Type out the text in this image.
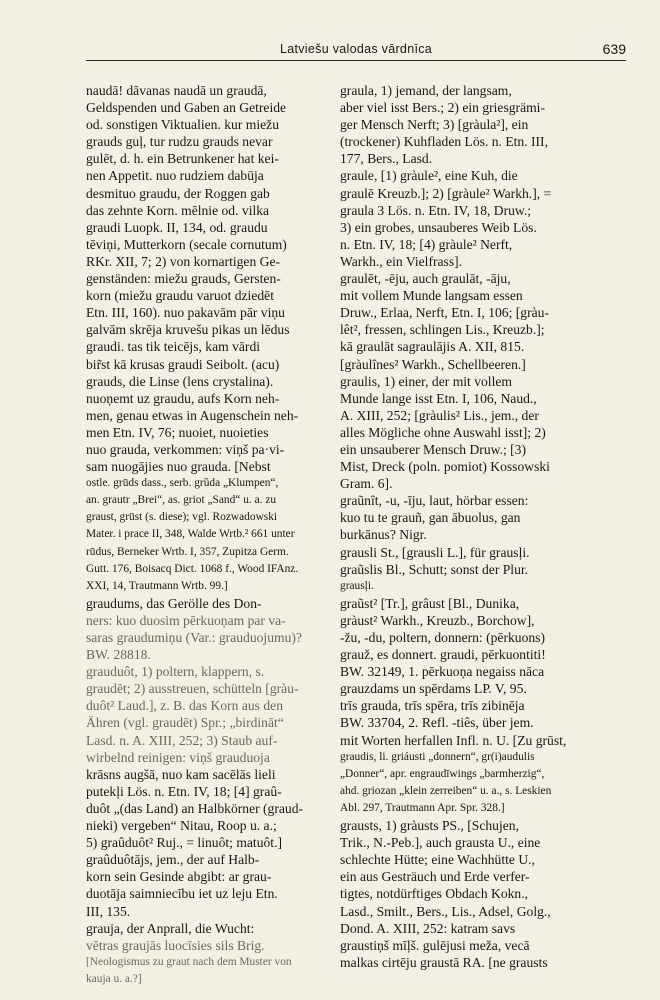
Latviešu valodas vārdnīca	639
naudā! dāvanas naudā un graudā,
Geldspenden und Gaben an Getreide
od. sonstigen Viktualien. kur miežu
grauds guļ, tur rudzu grauds nevar
gulēt, d. h. ein Betrunkener hat kei-
nen Appetit. nuo rudziem dabūja
desmituo graudu, der Roggen gab
das zehnte Korn. mēlnie od. vilka
graudi Luopk. II, 134, od. graudu
tēviņi, Mutterkorn (secale cornutum)
RKr. XII, 7; 2) von kornartigen Ge-
genständen: miežu grauds, Gersten-
korn (miežu graudu varuot dziedēt
Etn. III, 160). nuo pakavām pār viņu
galvām skrēja kruvešu pikas un lēdus
graudi. tas tik teicējs, kam vārdi
bir̃st kā krusas graudi Seibolt. (acu)
grauds, die Linse (lens crystalina).
nuoņemt uz graudu, aufs Korn neh-
men, genau etwas in Augenschein neh-
men Etn. IV, 76; nuoiet, nuoieties
nuo grauda, verkommen: viņš pa·vi-
sam nuogājies nuo grauda. [Nebst
ostle. grūds dass., serb. grȕda „Klumpen“,
an. grautr „Brei“, as. griot „Sand“ u. a. zu
graust, grūst (s. diese); vgl. Rozwadowski
Mater. i prace II, 348, Walde Wrtb.² 661 unter
rūdus, Berneker Wrtb. I, 357, Zupitza Germ.
Gutt. 176, Boisacq Dict. 1068 f., Wood IFAnz.
XXI, 14, Trautmann Wrtb. 99.]
graudums, das Gerölle des Don-
ners: kuo duosim pērkuoņam par va-
saras graudumiņu (Var.: grauduojumu)?
BW. 28818.
grauduôt, 1) poltern, klappern, s.
graudēt; 2) ausstreuen, schütteln [gràu-
duôt² Laud.], z. B. das Korn aus den
Ähren (vgl. graudēt) Spr.; „birdināt“
Lasd. n. A. XIII, 252; 3) Staub auf-
wirbelnd reinigen: viņš grauduoja
krāsns augšā, nuo kam sacēlās lieli
putekļi Lös. n. Etn. IV, 18; [4] graû-
duôt „(das Land) an Halbkörner (graud-
nieki) vergeben“ Nitau, Roop u. a.;
5) graûduôt² Ruj., = linuôt; matuôt.]
graûduôtājs, jem., der auf Halb-
korn sein Gesinde abgibt: ar grau-
duotāja saimniecību iet uz leju Etn.
III, 135.
grauja, der Anprall, die Wucht:
vētras graujās luocīsies sils Brig.
[Neologismus zu graut nach dem Muster von
kauja u. a.?]
graula, 1) jemand, der langsam,
aber viel isst Bers.; 2) ein griesgrämi-
ger Mensch Nerft; 3) [gràula²], ein
(trockener) Kuhfladen Lös. n. Etn. III,
177, Bers., Lasd.
graule, [1) gràule², eine Kuh, die
graulē Kreuzb.]; 2) [gràule² Warkh.], =
graula 3 Lös. n. Etn. IV, 18, Druw.;
3) ein grobes, unsauberes Weib Lös.
n. Etn. IV, 18; [4) gràule² Nerft,
Warkh., ein Vielfrass].
graulēt, -ēju, auch graulāt, -āju,
mit vollem Munde langsam essen
Druw., Erlaa, Nerft, Etn. I, 106; [gràu-
lêt², fressen, schlingen Lis., Kreuzb.];
kā graulāt sagraulājis A. XII, 815.
[gràulînes² Warkh., Schellbeeren.]
graulis, 1) einer, der mit vollem
Munde lange isst Etn. I, 106, Naud.,
A. XIII, 252; [gràulis² Lis., jem., der
alles Mögliche ohne Auswahl isst]; 2)
ein unsauberer Mensch Druw.; [3)
Mist, Dreck (poln. pomiot) Kossowski
Gram. 6].
graũnît, -u, -īju, laut, hörbar essen:
kuo tu te grauñ, gan ābuolus, gan
burkānus? Nigr.
grausli St., [grausli L.], für grausļi.
graũslis Bl., Schutt; sonst der Plur.
grausļi.
graũst² [Tr.], grâust [Bl., Dunika,
gràust² Warkh., Kreuzb., Borchow],
-žu, -du, poltern, donnern: (pērkuons)
grauž, es donnert. graudi, pērkuontiti!
BW. 32149, 1. pērkuoņa negaiss nāca
grauzdams un spērdams LP. V, 95.
trīs grauda, trīs spēra, trīs zibinēja
BW. 33704, 2. Refl. -tiês, über jem.
mit Worten herfallen Infl. n. U. [Zu grūst,
graudis, li. griáusti „donnern“, gr(i)audulis
„Donner“, apr. engraudīwings „barmherzig“,
ahd. griozan „klein zerreiben“ u. a., s. Leskien
Abl. 297, Trautmann Apr. Spr. 328.]
grausts, 1) gràusts PS., [Schujen,
Trik., N.-Peb.], auch grausta U., eine
schlechte Hütte; eine Wachhütte U.,
ein aus Gesträuch und Erde verfer-
tigtes, notdürftiges Obdach Kokn.,
Lasd., Smilt., Bers., Lis., Adsel, Golg.,
Dond. A. XIII, 252: katram savs
graustiņš mīļš. gulējusi meža, vecā
malkas cirtēju graustā RA. [ne grausts
